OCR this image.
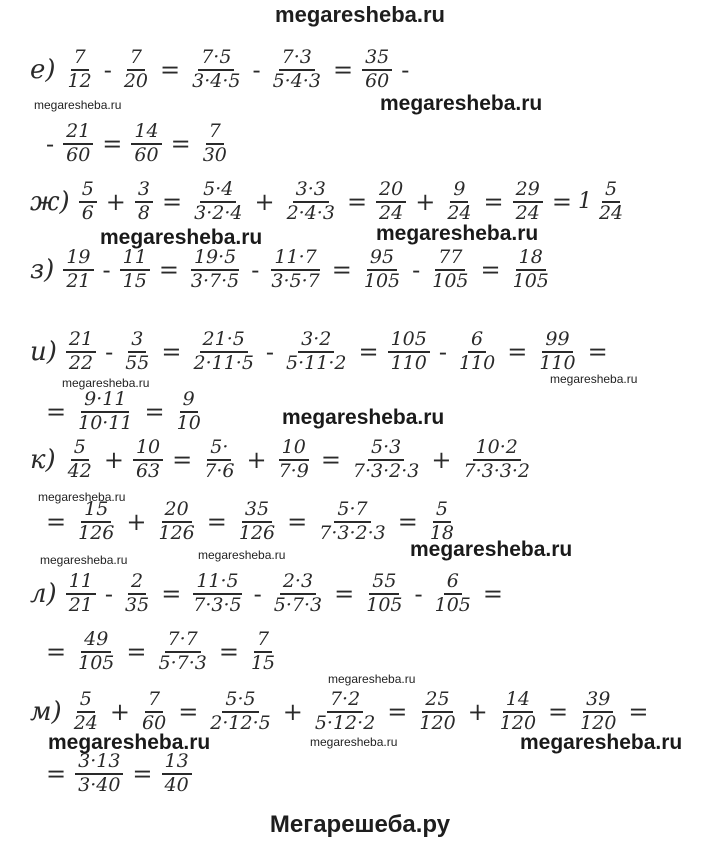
megaresheba.ru
$е) \frac{7}{12} - \frac{7}{20} = \frac{7\cdot 5}{3\cdot 4\cdot 5} - \frac{7\cdot 3}{5\cdot 4\cdot 3} = \frac{35}{60}$ -
- $\frac{21}{60} = \frac{14}{60} = \frac{7}{30}$
$ж) \frac{5}{6} + \frac{3}{8} = \frac{5\cdot 4}{3\cdot 2\cdot 4} + \frac{3\cdot 3}{2\cdot 4\cdot 3} = \frac{20}{24} + \frac{9}{24} = \frac{29}{24} = 1 \frac{5}{24}$
$з) \frac{19}{21} - \frac{11}{15} = \frac{19\cdot 5}{3\cdot 7\cdot 5} - \frac{11\cdot 7}{3\cdot 5\cdot 7} = \frac{95}{105} - \frac{77}{105} = \frac{18}{105}$
$и) \frac{21}{22} - \frac{3}{55} = \frac{21\cdot 5}{2\cdot 11\cdot 5} - \frac{3\cdot 2}{5\cdot 11\cdot 2} = \frac{105}{110} - \frac{6}{110} = \frac{99}{110}$ =
= $\frac{9\cdot 11}{10\cdot 11} = \frac{9}{10}$
$к) \frac{5}{42} + \frac{10}{63} = \frac{5\cdot}{7\cdot 6} + \frac{10}{7\cdot 9} = \frac{5\cdot 3}{7\cdot 3\cdot 2\cdot 3} + \frac{10\cdot 2}{7\cdot 3\cdot 3\cdot 2}$
= $\frac{15}{126} + \frac{20}{126} = \frac{35}{126} = \frac{5\cdot 7}{7\cdot 3\cdot 2\cdot 3} = \frac{5}{18}$
$л) \frac{11}{21} - \frac{2}{35} = \frac{11\cdot 5}{7\cdot 3\cdot 5} - \frac{2\cdot 3}{5\cdot 7\cdot 3} = \frac{55}{105} - \frac{6}{105}$ =
= $\frac{49}{105} = \frac{7\cdot 7}{5\cdot 7\cdot 3} = \frac{7}{15}$
$м) \frac{5}{24} + \frac{7}{60} = \frac{5\cdot 5}{2\cdot 12\cdot 5} + \frac{7\cdot 2}{5\cdot 12\cdot 2} = \frac{25}{120} + \frac{14}{120} = \frac{39}{120}$ =
= $\frac{3\cdot 13}{3\cdot 40} = \frac{13}{40}$
megaresheba.ru
megaresheba.ru
megaresheba.ru	megaresheba.ru
megaresheba.ru	megaresheba.ru
megaresheba.ru
megaresheba.ru
megaresheba.ru
megaresheba.ru	megaresheba.ru
megaresheba.ru
megaresheba.ru	megaresheba.ru	megaresheba.ru
Мегарешеба.ру
